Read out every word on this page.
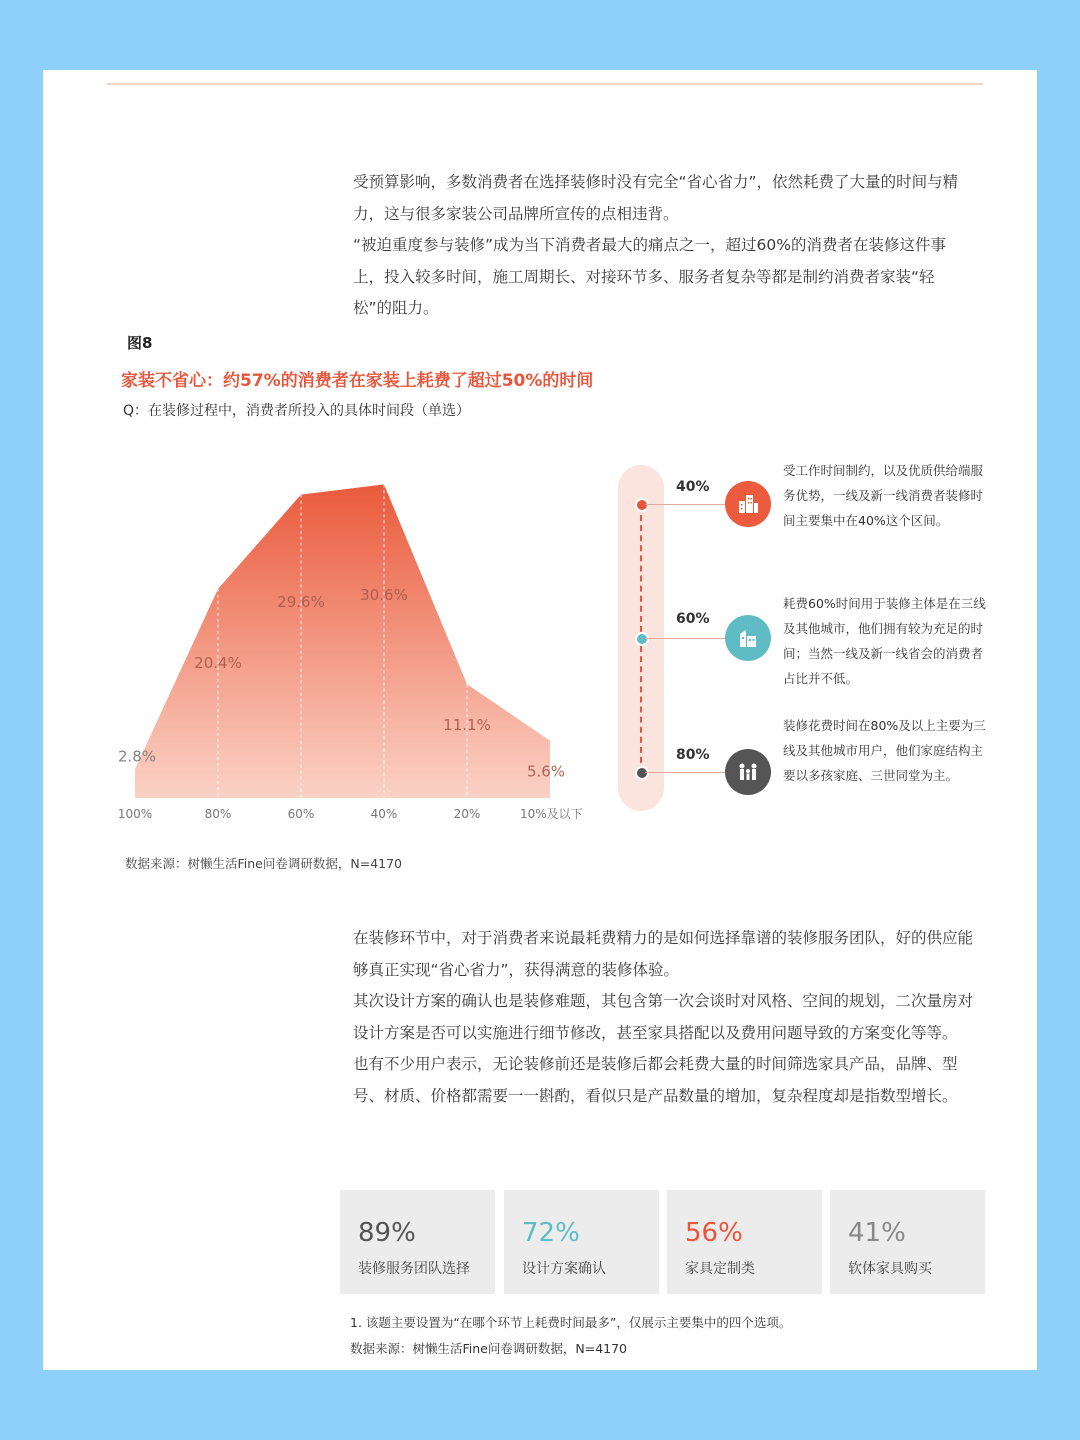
受预算影响，多数消费者在选择装修时没有完全“省心省力”，依然耗费了大量的时间与精力，这与很多家装公司品牌所宣传的点相违背。

“被迫重度参与装修”成为当下消费者最大的痛点之一，超过60%的消费者在装修这件事上，投入较多时间，施工周期长、对接环节多、服务者复杂等都是制约消费者家装“轻松”的阻力。

图8
家装不省心：约57%的消费者在家装上耗费了超过50%的时间
Q：在装修过程中，消费者所投入的具体时间段（单选）
2.8%
20.4%
29.6% 30.6%
11.1%
5.6%
100%	80%	60%	40%	20%	10%及以下
40%
受工作时间制约，以及优质供给端服务优势，一线及新一线消费者装修时间主要集中在40%这个区间。
60%
耗费60%时间用于装修主体是在三线及其他城市，他们拥有较为充足的时间；当然一线及新一线省会的消费者占比并不低。
80%
装修花费时间在80%及以上主要为三线及其他城市用户，他们家庭结构主要以多孩家庭、三世同堂为主。
数据来源：树懒生活Fine问卷调研数据，N=4170

在装修环节中，对于消费者来说最耗费精力的是如何选择靠谱的装修服务团队，好的供应能够真正实现“省心省力”，获得满意的装修体验。

其次设计方案的确认也是装修难题，其包含第一次会谈时对风格、空间的规划，二次量房对设计方案是否可以实施进行细节修改，甚至家具搭配以及费用问题导致的方案变化等等。

也有不少用户表示，无论装修前还是装修后都会耗费大量的时间筛选家具产品，品牌、型号、材质、价格都需要一一斟酌，看似只是产品数量的增加，复杂程度却是指数型增长。

89%
装修服务团队选择
72%
设计方案确认
56%
家具定制类
41%
软体家具购买
1. 该题主要设置为“在哪个环节上耗费时间最多”，仅展示主要集中的四个选项。
数据来源：树懒生活Fine问卷调研数据，N=4170
